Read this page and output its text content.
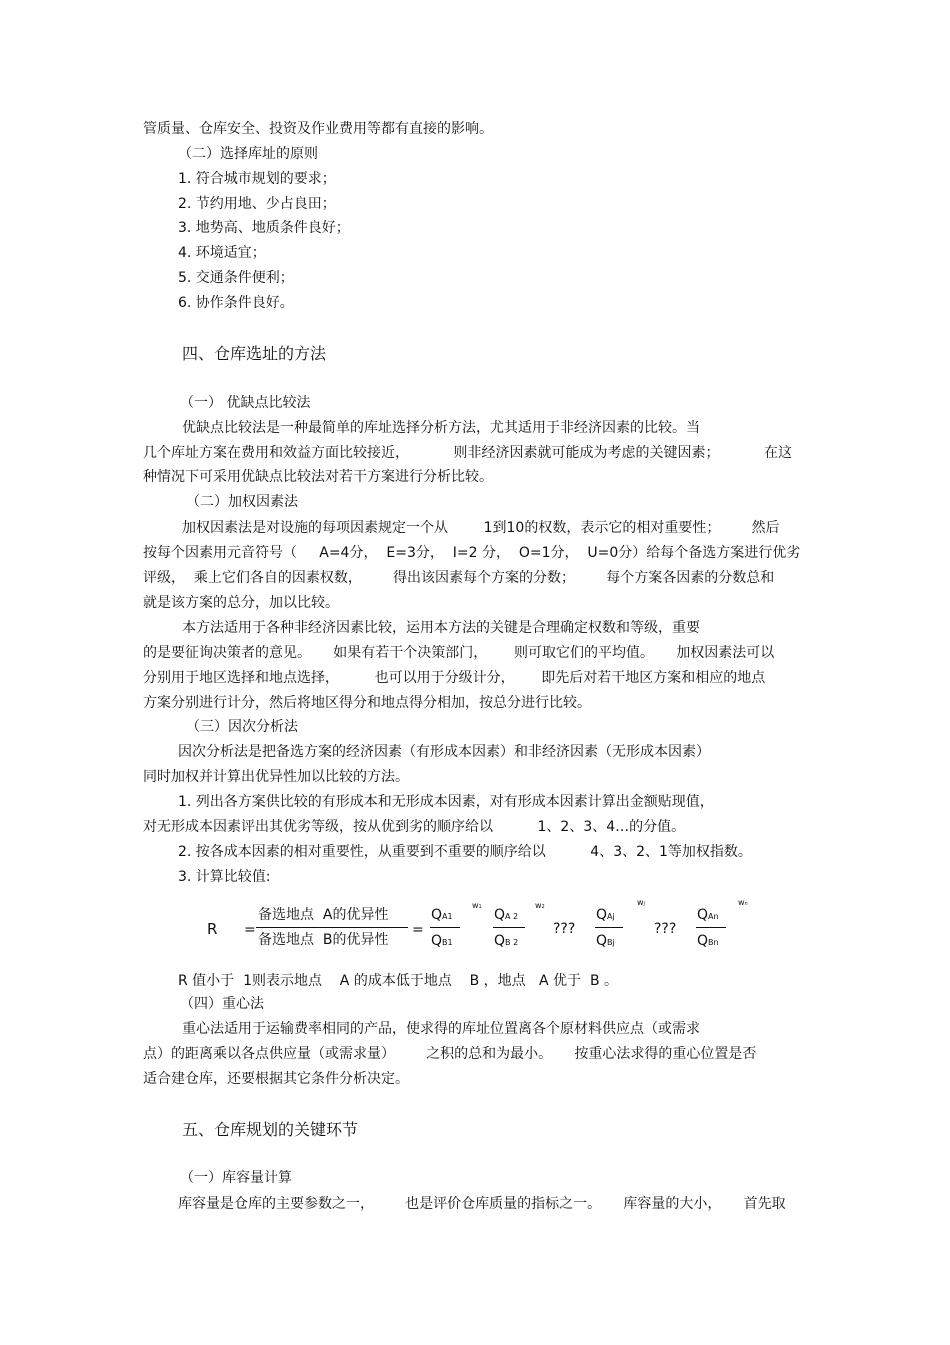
管质量、仓库安全、投资及作业费用等都有直接的影响。
（二）选择库址的原则
1. 符合城市规划的要求；
2. 节约用地、少占良田；
3. 地势高、地质条件良好；
4. 环境适宜；
5. 交通条件便利；
6. 协作条件良好。
四、仓库选址的方法
（一） 优缺点比较法
优缺点比较法是一种最简单的库址选择分析方法，尤其适用于非经济因素的比较。当
几个库址方案在费用和效益方面比较接近，          则非经济因素就可能成为考虑的关键因素；          在这
种情况下可采用优缺点比较法对若干方案进行分析比较。
（二）加权因素法
加权因素法是对设施的每项因素规定一个从        1到10的权数，表示它的相对重要性；       然后
按每个因素用元音符号（     A=4分，  E=3分，  I=2 分，  O=1分，  U=0分）给每个备选方案进行优劣
评级，  乘上它们各自的因素权数，       得出该因素每个方案的分数；       每个方案各因素的分数总和
就是该方案的总分，加以比较。
本方法适用于各种非经济因素比较，运用本方法的关键是合理确定权数和等级，重要
的是要征询决策者的意见。     如果有若干个决策部门，      则可取它们的平均值。     加权因素法可以
分别用于地区选择和地点选择，        也可以用于分级计分，      即先后对若干地区方案和相应的地点
方案分别进行计分，然后将地区得分和地点得分相加，按总分进行比较。
（三）因次分析法
因次分析法是把备选方案的经济因素（有形成本因素）和非经济因素（无形成本因素）
同时加权并计算出优异性加以比较的方法。
1. 列出各方案供比较的有形成本和无形成本因素，对有形成本因素计算出金额贴现值，
对无形成本因素评出其优劣等级，按从优到劣的顺序给以          1、2、3、4…的分值。
2. 按各成本因素的相对重要性，从重要到不重要的顺序给以          4、3、2、1等加权指数。
3. 计算比较值:
R =
备选地点  A的优异性
备选地点  B的优异性
=
QA1
QB1
w1 QA 2
QB 2
w2
???
QAj
QBj
wj
???
QAn
QBn
wn
R 值小于  1则表示地点    A 的成本低于地点    B ，地点   A 优于  B 。
（四）重心法
重心法适用于运输费率相同的产品，使求得的库址位置离各个原材料供应点（或需求
点）的距离乘以各点供应量（或需求量）       之积的总和为最小。     按重心法求得的重心位置是否
适合建仓库，还要根据其它条件分析决定。
五、仓库规划的关键环节
（一）库容量计算
库容量是仓库的主要参数之一，       也是评价仓库质量的指标之一。     库容量的大小，     首先取
